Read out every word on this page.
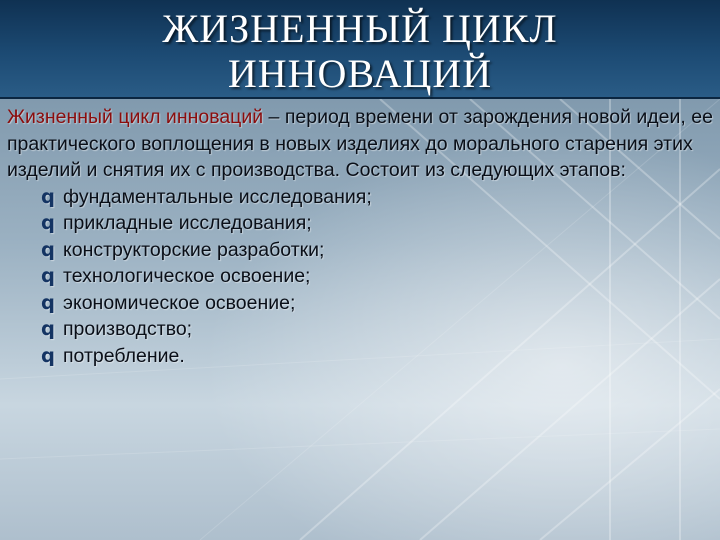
ЖИЗНЕННЫЙ ЦИКЛ
ИННОВАЦИЙ
Жизненный цикл инноваций – период времени от зарождения новой идеи, ее практического воплощения в новых изделиях до морального старения этих изделий и снятия их с производства. Состоит из следующих этапов:
q фундаментальные исследования;
q прикладные исследования;
q конструкторские разработки;
q технологическое освоение;
q экономическое освоение;
q производство;
q потребление.
